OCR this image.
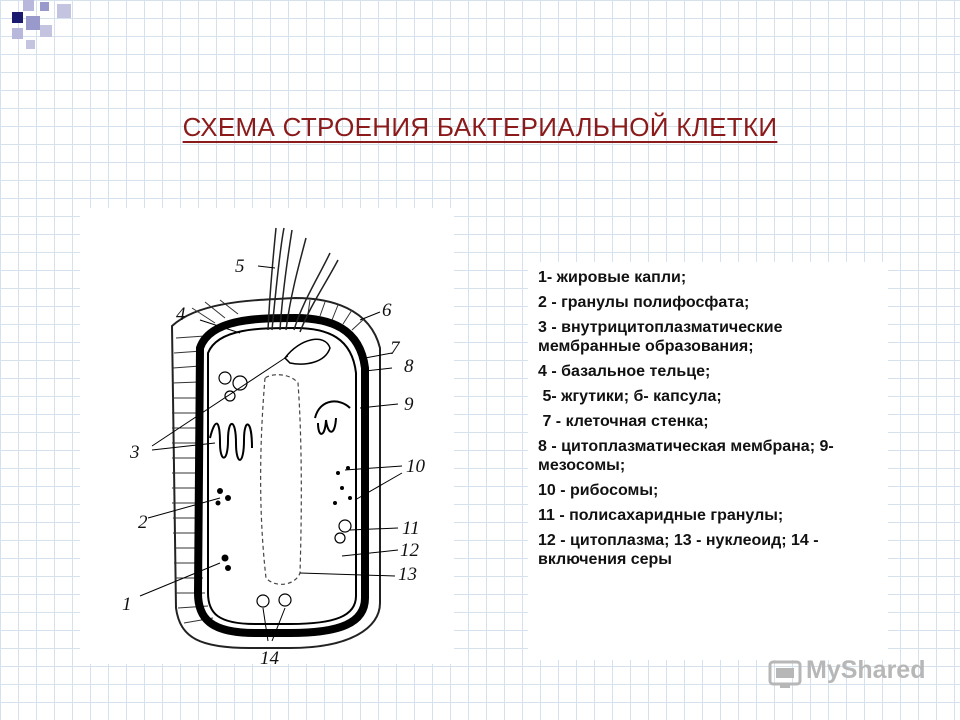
СХЕМА СТРОЕНИЯ БАКТЕРИАЛЬНОЙ КЛЕТКИ
1
2
3
4
5
6
7
8
9
10
11
12
13
14
1- жировые капли;
2 - гранулы полифосфата;
3 - внутрицитоплазматические мембранные образования;
4 - базальное тельце;
5- жгутики; б- капсула;
7 - клеточная стенка;
8 - цитоплазматическая мембрана; 9- мезосомы;
10 - рибосомы;
11 - полисахаридные гранулы;
12 - цитоплазма; 13 - нуклеоид; 14 - включения серы
MyShared
